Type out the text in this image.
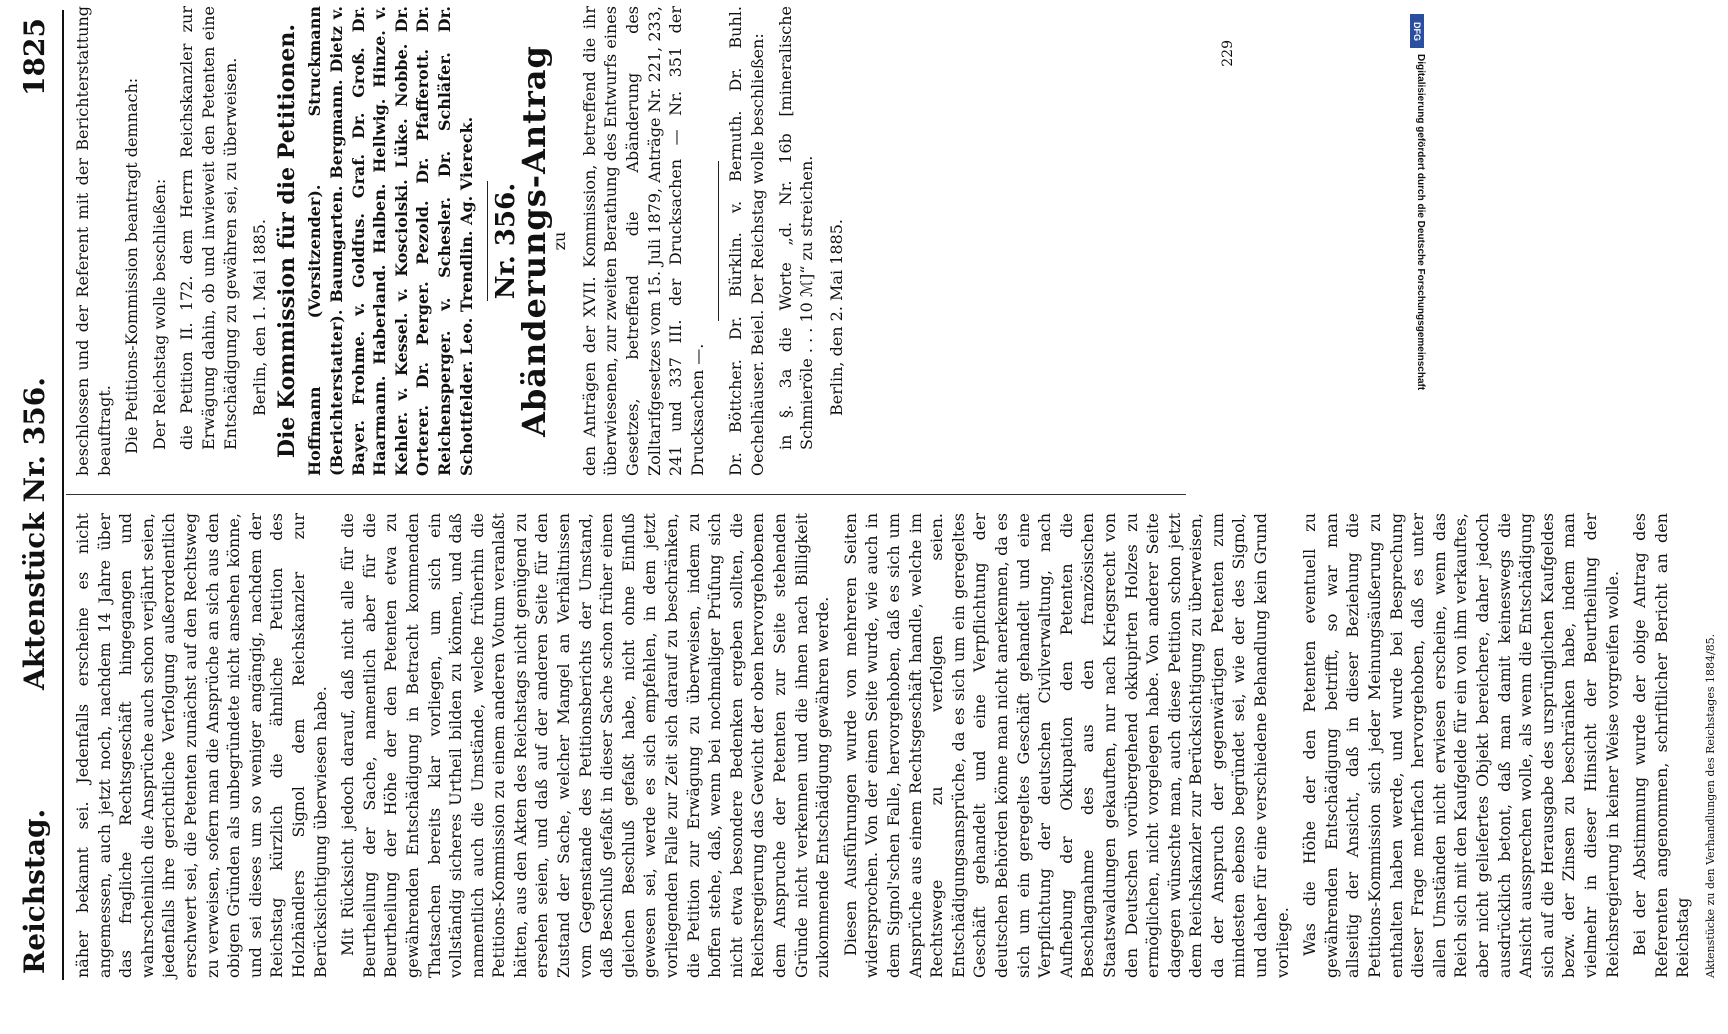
Reichstag.
Aktenstück Nr. 356.
1825

näher bekannt sei. Jedenfalls erscheine es nicht angemessen, auch jetzt noch, nachdem 14 Jahre über das fragliche Rechtsgeschäft hingegangen und wahrscheinlich die Ansprüche auch schon verjährt seien, jedenfalls ihre gerichtliche Verfolgung außerordentlich erschwert sei, die Petenten zunächst auf den Rechtsweg zu verweisen, sofern man die Ansprüche an sich aus den obigen Gründen als unbegründete nicht ansehen könne, und sei dieses um so weniger angängig, nachdem der Reichstag kürzlich die ähnliche Petition des Holzhändlers Signol dem Reichskanzler zur Berücksichtigung überwiesen habe. Mit Rücksicht jedoch darauf, daß nicht alle für die Beurtheilung der Sache, namentlich aber für die Beurtheilung der Höhe der den Petenten etwa zu gewährenden Entschädigung in Betracht kommenden Thatsachen bereits klar vorliegen, um sich ein vollständig sicheres Urtheil bilden zu können, und daß namentlich auch die Umstände, welche früherhin die Petitions-Kommission zu einem anderen Votum veranlaßt hätten, aus den Akten des Reichstags nicht genügend zu ersehen seien, und daß auf der anderen Seite für den Zustand der Sache, welcher Mangel an Verhältnissen vom Gegenstande des Petitionsberichts der Umstand, daß Beschluß gefaßt in dieser Sache schon früher einen gleichen Beschluß gefaßt habe, nicht ohne Einfluß gewesen sei, werde es sich empfehlen, in dem jetzt vorliegenden Falle zur Zeit sich darauf zu beschränken, die Petition zur Erwägung zu überweisen, indem zu hoffen stehe, daß, wenn bei nochmaliger Prüfung sich nicht etwa besondere Bedenken ergeben sollten, die Reichsregierung das Gewicht der oben hervorgehobenen dem Anspruche der Petenten zur Seite stehenden Gründe nicht verkennen und die ihnen nach Billigkeit zukommende Entschädigung gewähren werde. Diesen Ausführungen wurde von mehreren Seiten widersprochen. Von der einen Seite wurde, wie auch in dem Signol'schen Falle, hervorgehoben, daß es sich um Ansprüche aus einem Rechtsgeschäft handle, welche im Rechtswege zu verfolgen seien. Entschädigungsansprüche, da es sich um ein geregeltes Geschäft gehandelt und eine Verpflichtung der deutschen Behörden könne man nicht anerkennen, da es sich um ein geregeltes Geschäft gehandelt und eine Verpflichtung der deutschen Civilverwaltung, nach Aufhebung der Okkupation den Petenten die Beschlagnahme des aus den französischen Staatswaldungen gekauften, nur nach Kriegsrecht von den Deutschen vorübergehend okkupirten Holzes zu ermöglichen, nicht vorgelegen habe. Von anderer Seite dagegen wünschte man, auch diese Petition schon jetzt dem Reichskanzler zur Berücksichtigung zu überweisen, da der Anspruch der gegenwärtigen Petenten zum mindesten ebenso begründet sei, wie der des Signol, und daher für eine verschiedene Behandlung kein Grund vorliege. Was die Höhe der den Petenten eventuell zu gewährenden Entschädigung betrifft, so war man allseitig der Ansicht, daß in dieser Beziehung die Petitions-Kommission sich jeder Meinungsäußerung zu enthalten haben werde, und wurde bei Besprechung dieser Frage mehrfach hervorgehoben, daß es unter allen Umständen nicht erwiesen erscheine, wenn das Reich sich mit den Kaufgelde für ein von ihm verkauftes, aber nicht geliefertes Objekt bereichere, daher jedoch ausdrücklich betont, daß man damit keineswegs die Ansicht aussprechen wolle, als wenn die Entschädigung sich auf die Herausgabe des ursprünglichen Kaufgeldes bezw. der Zinsen zu beschränken habe, indem man vielmehr in dieser Hinsicht der Beurtheilung der Reichsregierung in keiner Weise vorgreifen wolle. Bei der Abstimmung wurde der obige Antrag des Referenten angenommen, schriftlicher Bericht an den Reichstag	Aktenstücke zu den Verhandlungen des Reichstages 1884/85.

beschlossen und der Referent mit der Berichterstattung beauftragt. Die Petitions-Kommission beantragt demnach: Der Reichstag wolle beschließen: die Petition II. 172. dem Herrn Reichskanzler zur Erwägung dahin, ob und inwieweit den Petenten eine Entschädigung zu gewähren sei, zu überweisen. Berlin, den 1. Mai 1885. Die Kommission für die Petitionen. Hoffmann (Vorsitzender). Struckmann (Berichterstatter). Baumgarten. Bergmann. Dietz v. Bayer. Frohme. v. Goldfus. Graf. Dr. Groß. Dr. Haarmann. Haberland. Halben. Hellwig. Hinze. v. Kehler. v. Kessel. v. Kosciolski. Lüke. Nobbe. Dr. Orterer. Dr. Perger. Pezold. Dr. Pfafferott. Dr. Reichensperger. v. Schesler. Dr. Schläfer. Dr. Schottfelder. Leo. Trendlin. Ag. Viereck. Nr. 356.
Abänderungs-Antrag
zu den Anträgen der XVII. Kommission, betreffend die ihr überwiesenen, zur zweiten Berathung des Entwurfs eines Gesetzes, betreffend die Abänderung des Zolltarifgesetzes vom 15. Juli 1879, Anträge Nr. 221, 233, 241 und 337 III. der Drucksachen — Nr. 351 der Drucksachen —. Dr. Böttcher. Dr. Bürklin. v. Bernuth. Dr. Buhl. Oechelhäuser. Beiel. Der Reichstag wolle beschließen: in §. 3a die Worte „d. Nr. 16b [mineralische Schmieröle . . . 10 ℳ]“ zu streichen. Berlin, den 2. Mai 1885.

229
DFG
Digitalisierung gefördert durch die Deutsche Forschungsgemeinschaft
